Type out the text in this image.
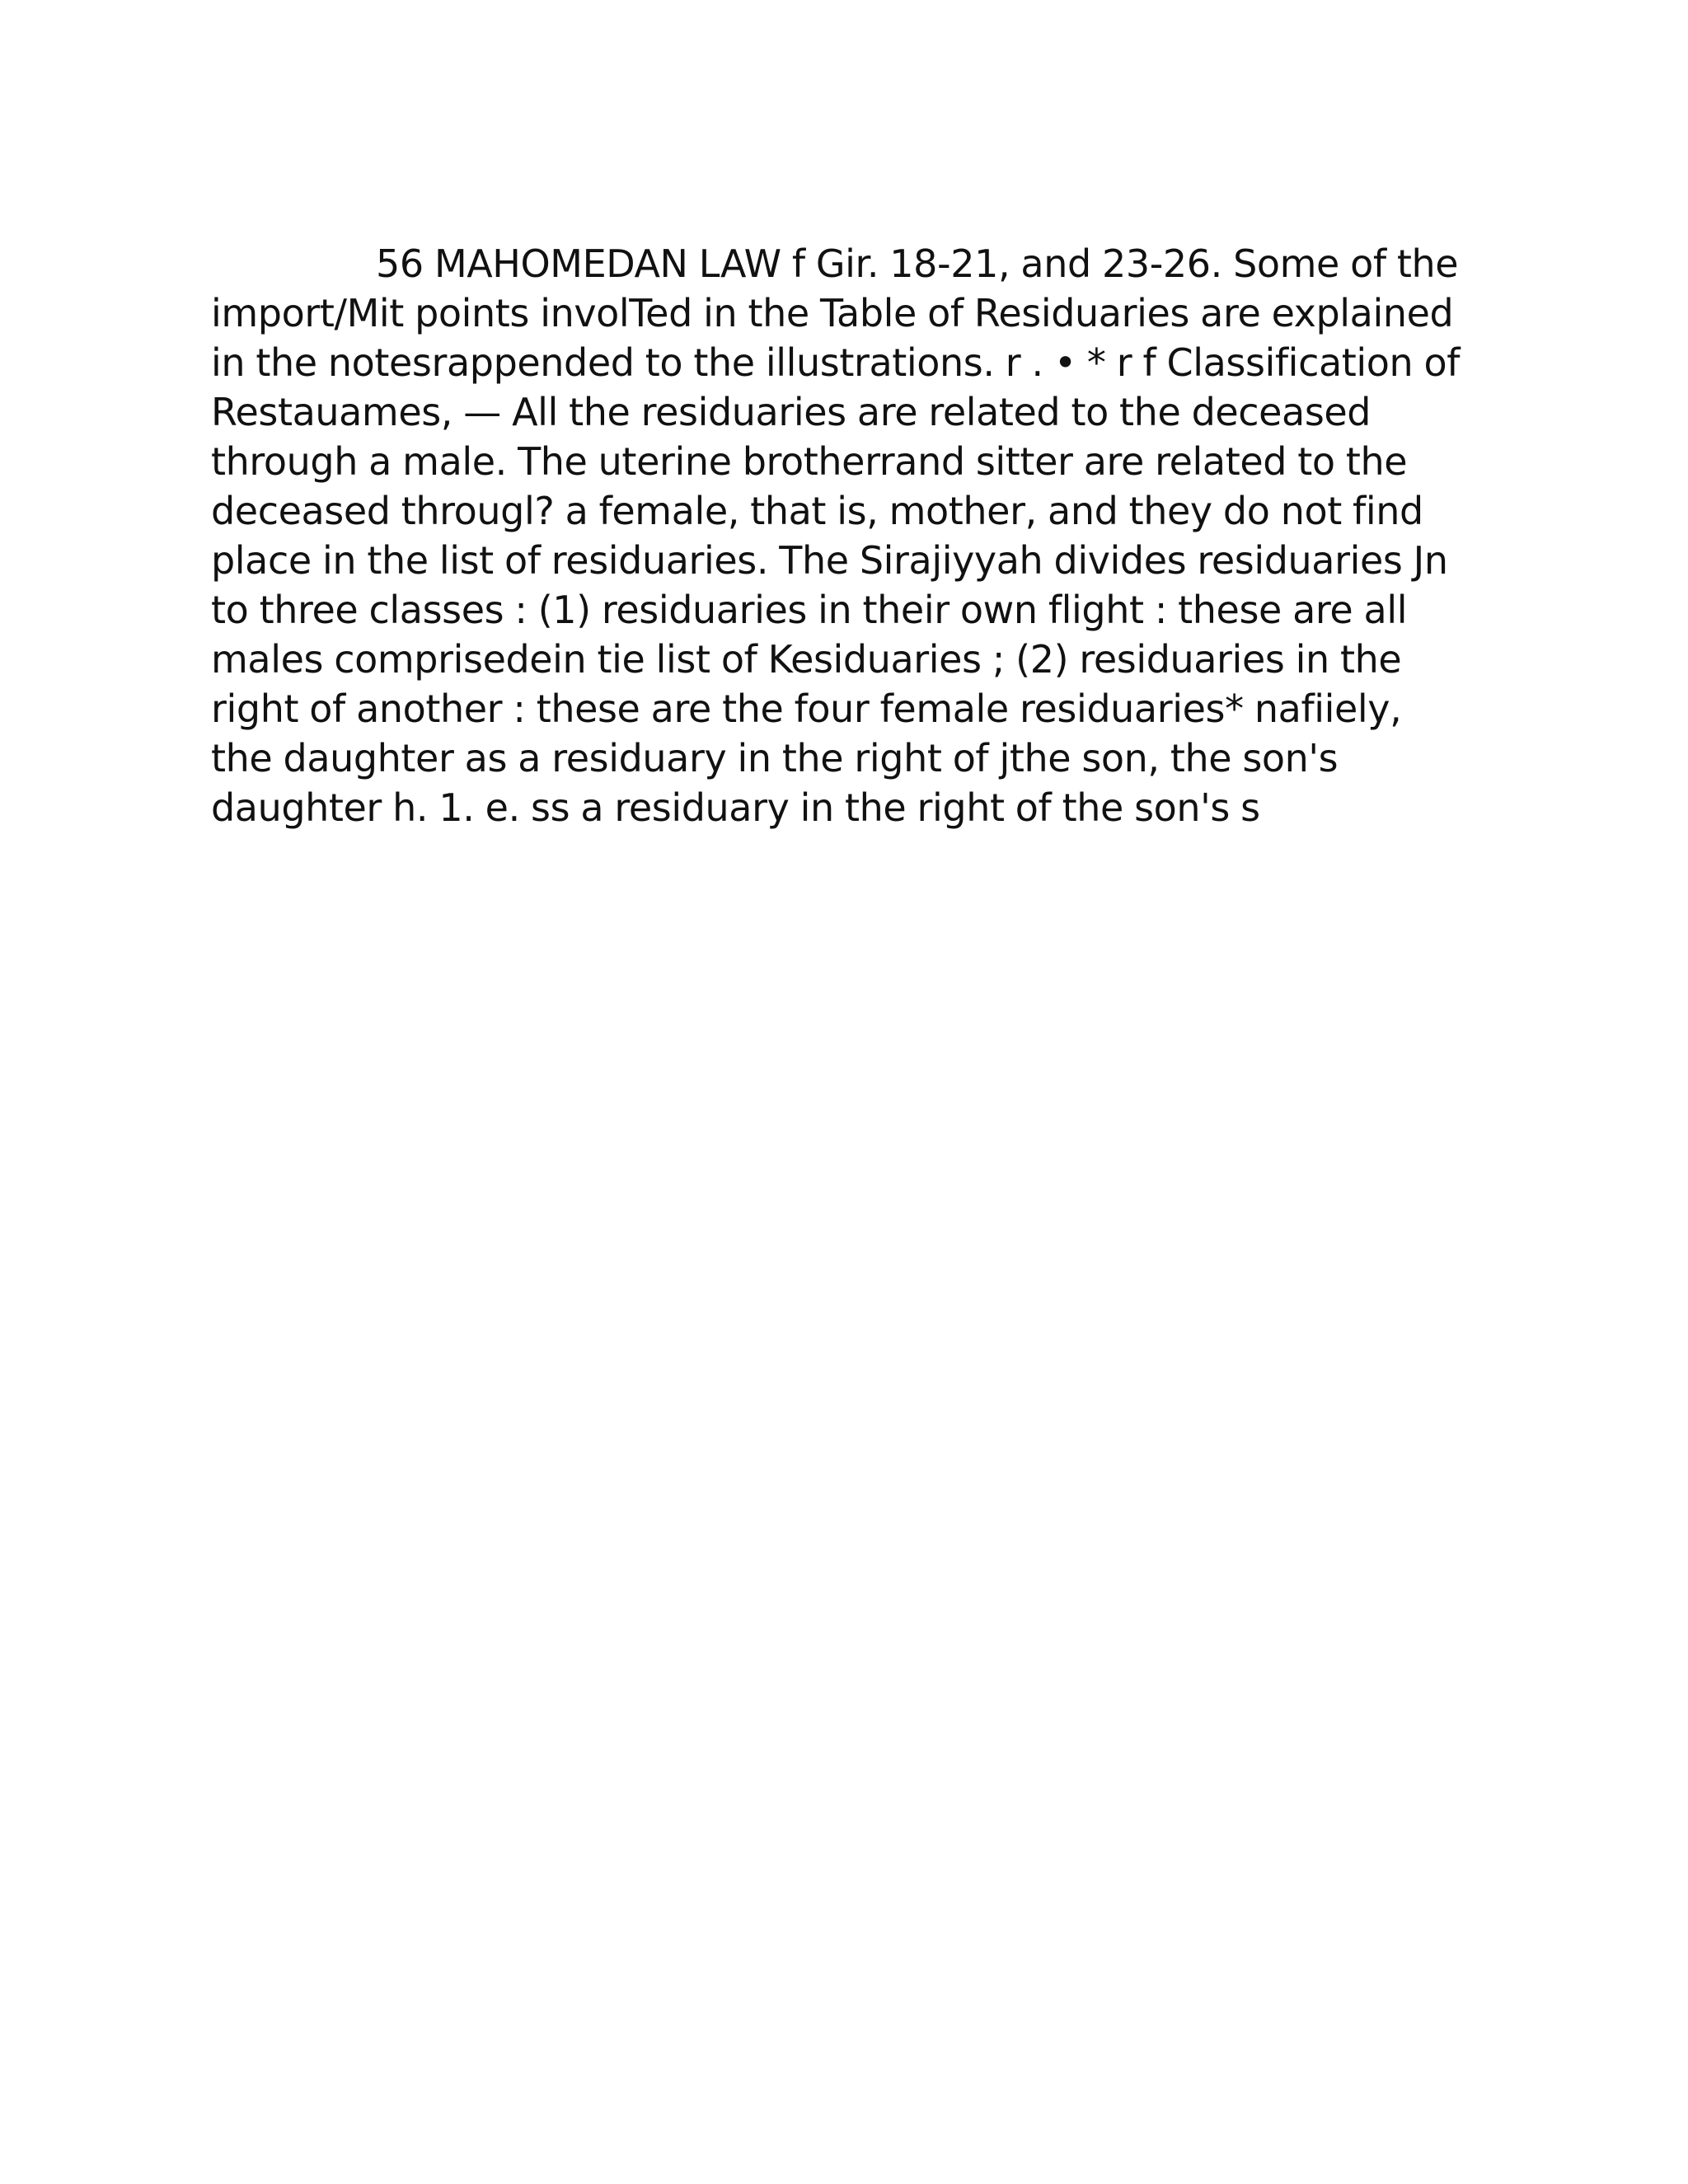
56 MAHOMEDAN LAW f Gir. 18-21, and 23-26. Some of the import/Mit points involTed in the Table of Residuaries are explained in the notesrappended to the illustrations. r . • * r f Classification of Restauames, — All the residuaries are related to the deceased through a male. The uterine brotherrand sitter are related to the deceased througl? a female, that is, mother, and they do not find place in the list of residuaries. The Sirajiyyah divides residuaries Jn to three classes : (1) residuaries in their own flight : these are all males comprisedein tie list of Kesiduaries ; (2) residuaries in the right of another : these are the four female residuaries* nafiiely, the daughter as a residuary in the right of jthe son, the son's daughter h. 1. e. ss a residuary in the right of the son's s
